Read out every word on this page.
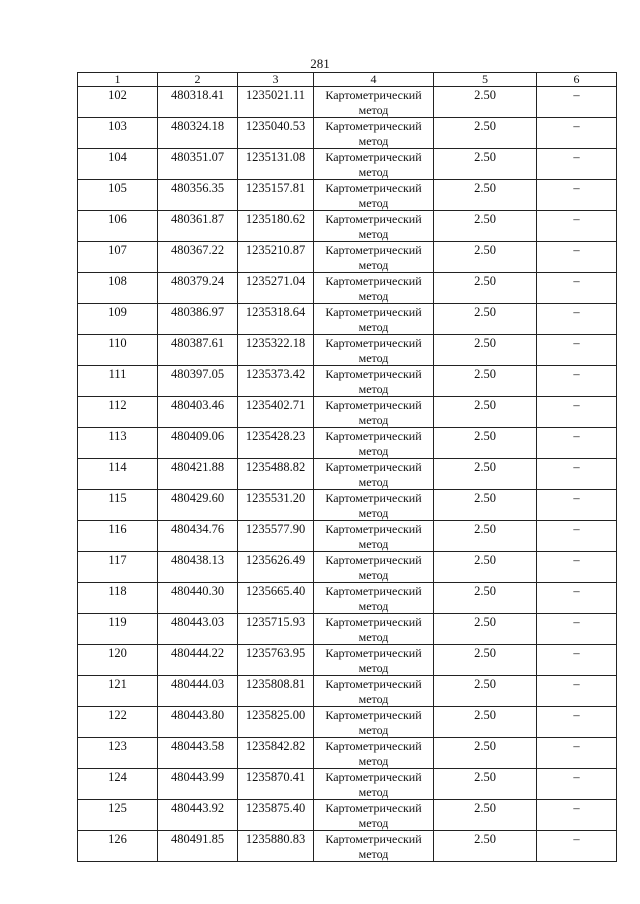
281
1	2	3	4	5	6
102	480318.41	1235021.11	Картометрический метод	2.50	–
103	480324.18	1235040.53	Картометрический метод	2.50	–
104	480351.07	1235131.08	Картометрический метод	2.50	–
105	480356.35	1235157.81	Картометрический метод	2.50	–
106	480361.87	1235180.62	Картометрический метод	2.50	–
107	480367.22	1235210.87	Картометрический метод	2.50	–
108	480379.24	1235271.04	Картометрический метод	2.50	–
109	480386.97	1235318.64	Картометрический метод	2.50	–
110	480387.61	1235322.18	Картометрический метод	2.50	–
111	480397.05	1235373.42	Картометрический метод	2.50	–
112	480403.46	1235402.71	Картометрический метод	2.50	–
113	480409.06	1235428.23	Картометрический метод	2.50	–
114	480421.88	1235488.82	Картометрический метод	2.50	–
115	480429.60	1235531.20	Картометрический метод	2.50	–
116	480434.76	1235577.90	Картометрический метод	2.50	–
117	480438.13	1235626.49	Картометрический метод	2.50	–
118	480440.30	1235665.40	Картометрический метод	2.50	–
119	480443.03	1235715.93	Картометрический метод	2.50	–
120	480444.22	1235763.95	Картометрический метод	2.50	–
121	480444.03	1235808.81	Картометрический метод	2.50	–
122	480443.80	1235825.00	Картометрический метод	2.50	–
123	480443.58	1235842.82	Картометрический метод	2.50	–
124	480443.99	1235870.41	Картометрический метод	2.50	–
125	480443.92	1235875.40	Картометрический метод	2.50	–
126	480491.85	1235880.83	Картометрический метод	2.50	–
